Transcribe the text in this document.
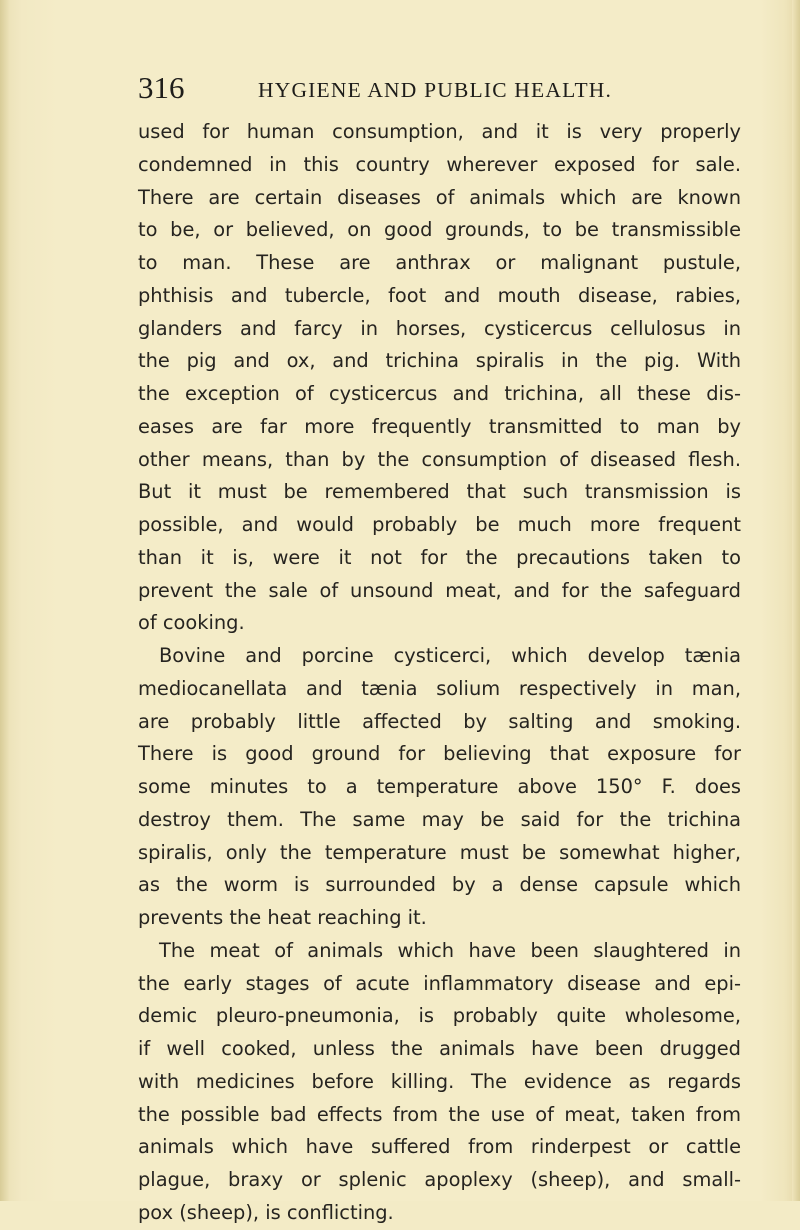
316	HYGIENE AND PUBLIC HEALTH.
used for human consumption, and it is very properly
condemned in this country wherever exposed for sale.
There are certain diseases of animals which are known
to be, or believed, on good grounds, to be transmissible
to man. These are anthrax or malignant pustule,
phthisis and tubercle, foot and mouth disease, rabies,
glanders and farcy in horses, cysticercus cellulosus in
the pig and ox, and trichina spiralis in the pig. With
the exception of cysticercus and trichina, all these dis-
eases are far more frequently transmitted to man by
other means, than by the consumption of diseased flesh.
But it must be remembered that such transmission is
possible, and would probably be much more frequent
than it is, were it not for the precautions taken to
prevent the sale of unsound meat, and for the safeguard
of cooking.
Bovine and porcine cysticerci, which develop tænia
mediocanellata and tænia solium respectively in man,
are probably little affected by salting and smoking.
There is good ground for believing that exposure for
some minutes to a temperature above 150° F. does
destroy them. The same may be said for the trichina
spiralis, only the temperature must be somewhat higher,
as the worm is surrounded by a dense capsule which
prevents the heat reaching it.
The meat of animals which have been slaughtered in
the early stages of acute inflammatory disease and epi-
demic pleuro-pneumonia, is probably quite wholesome,
if well cooked, unless the animals have been drugged
with medicines before killing. The evidence as regards
the possible bad effects from the use of meat, taken from
animals which have suffered from rinderpest or cattle
plague, braxy or splenic apoplexy (sheep), and small-
pox (sheep), is conflicting.
